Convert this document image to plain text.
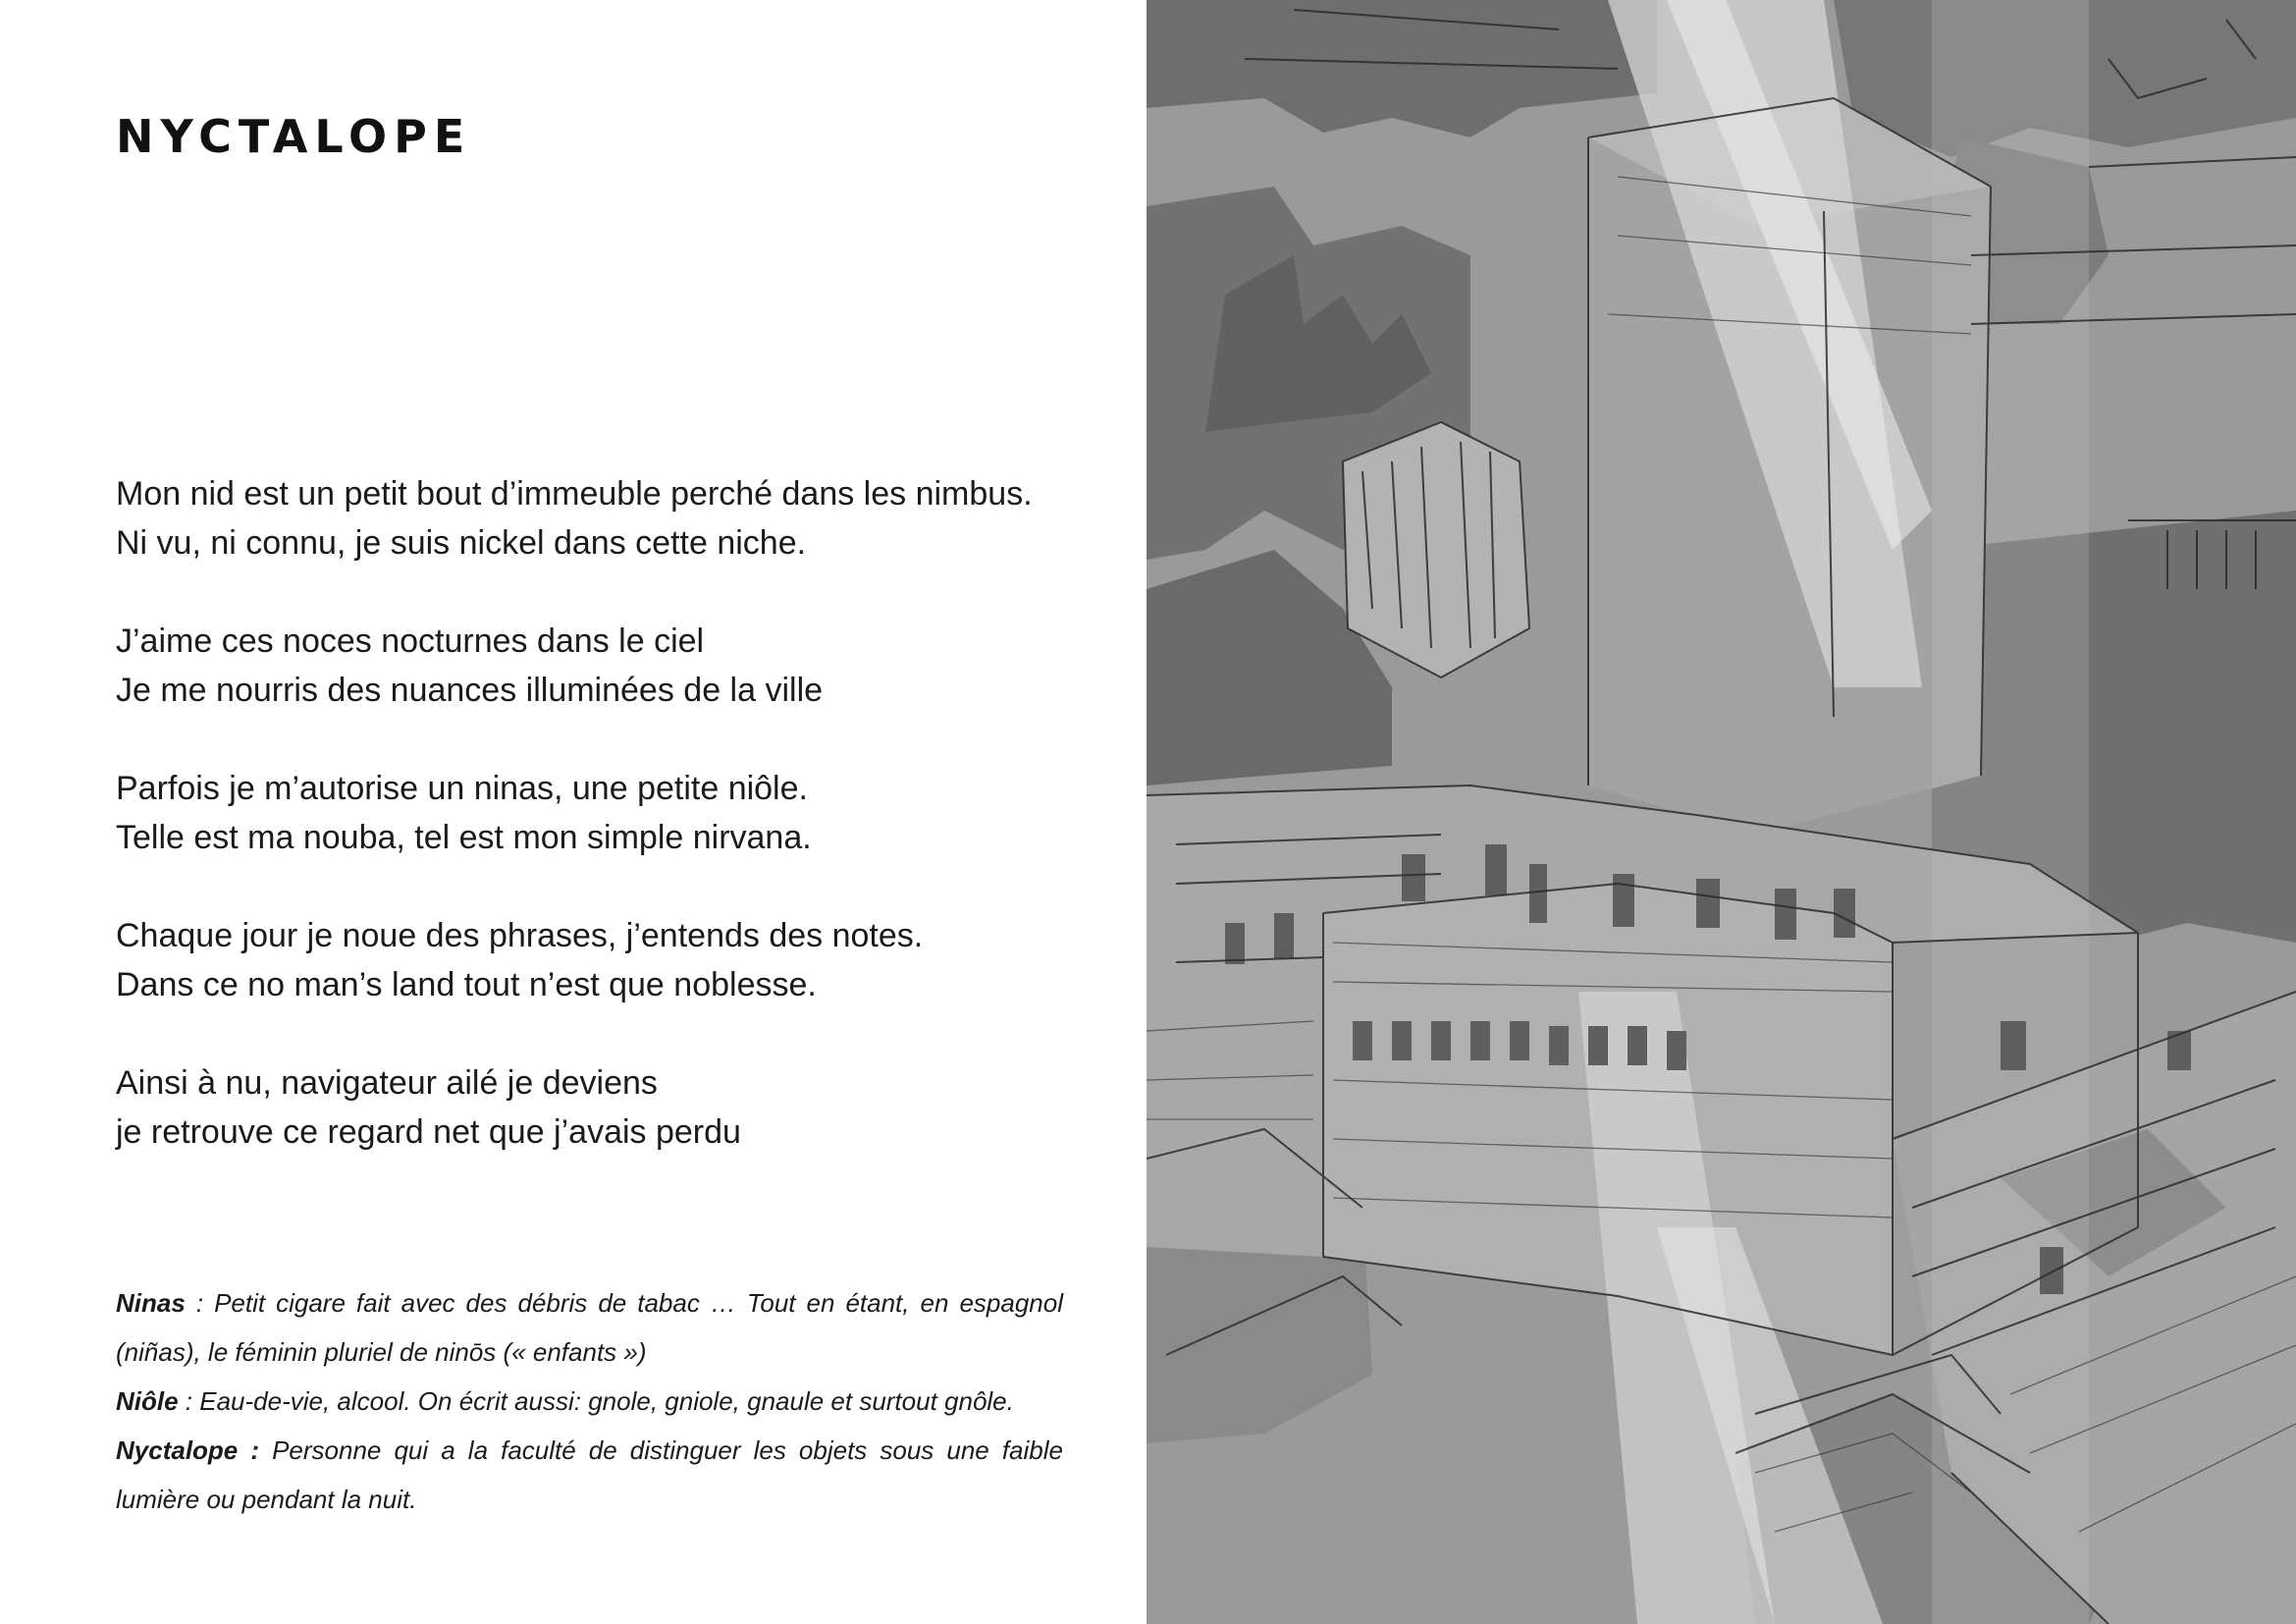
NYCTALOPE
Mon nid est un petit bout d’immeuble perché dans les nimbus.
Ni vu, ni connu, je suis nickel dans cette niche.
J’aime ces noces nocturnes dans le ciel
Je me nourris des nuances illuminées de la ville
Parfois je m’autorise un ninas, une petite niôle.
Telle est ma nouba, tel est mon simple nirvana.
Chaque jour je noue des phrases, j’entends des notes.
Dans ce no man’s land tout n’est que noblesse.
Ainsi à nu, navigateur ailé je deviens
je retrouve ce regard net que j’avais perdu
Ninas : Petit cigare fait avec des débris de tabac … Tout en étant, en espagnol (niñas), le féminin pluriel de ninōs (« enfants »)
Niôle : Eau-de-vie, alcool. On écrit aussi: gnole, gniole, gnaule et surtout gnôle.
Nyctalope : Personne qui a la faculté de distinguer les objets sous une faible lumière ou pendant la nuit.
